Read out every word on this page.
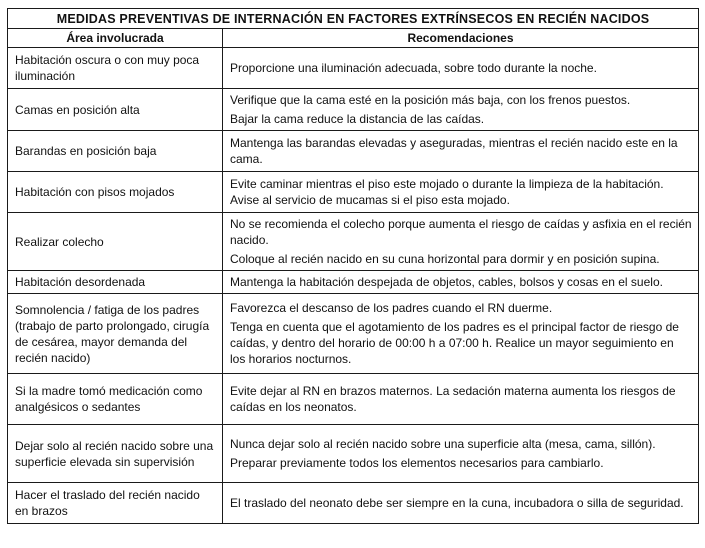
MEDIDAS PREVENTIVAS DE INTERNACIÓN EN FACTORES EXTRÍNSECOS EN RECIÉN NACIDOS	
Área involucrada	Recomendaciones
Habitación oscura o con muy poca iluminación	Proporcione una iluminación adecuada, sobre todo durante la noche.

Camas en posición alta	Verifique que la cama esté en la posición más baja, con los frenos puestos.
Bajar la cama reduce la distancia de las caídas.

Barandas en posición baja	Mantenga las barandas elevadas y aseguradas, mientras el recién nacido este en la cama.

Habitación con pisos mojados	Evite caminar mientras el piso este mojado o durante la limpieza de la habitación. Avise al servicio de mucamas si el piso esta mojado.

Realizar colecho	No se recomienda el colecho porque aumenta el riesgo de caídas y asfixia en el recién nacido.
Coloque al recién nacido en su cuna horizontal para dormir y en posición supina.

Habitación desordenada	Mantenga la habitación despejada de objetos, cables, bolsos y cosas en el suelo.

Somnolencia / fatiga de los padres (trabajo de parto prolongado, cirugía de cesárea, mayor demanda del recién nacido)	Favorezca el descanso de los padres cuando el RN duerme.
Tenga en cuenta que el agotamiento de los padres es el principal factor de riesgo de caídas, y dentro del horario de 00:00 h a 07:00 h. Realice un mayor seguimiento en los horarios nocturnos.

Si la madre tomó medicación como analgésicos o sedantes	Evite dejar al RN en brazos maternos. La sedación materna aumenta los riesgos de caídas en los neonatos.

Dejar solo al recién nacido sobre una superficie elevada sin supervisión	Nunca dejar solo al recién nacido sobre una superficie alta (mesa, cama, sillón).
Preparar previamente todos los elementos necesarios para cambiarlo.

Hacer el traslado del recién nacido en brazos	El traslado del neonato debe ser siempre en la cuna, incubadora o silla de seguridad.
